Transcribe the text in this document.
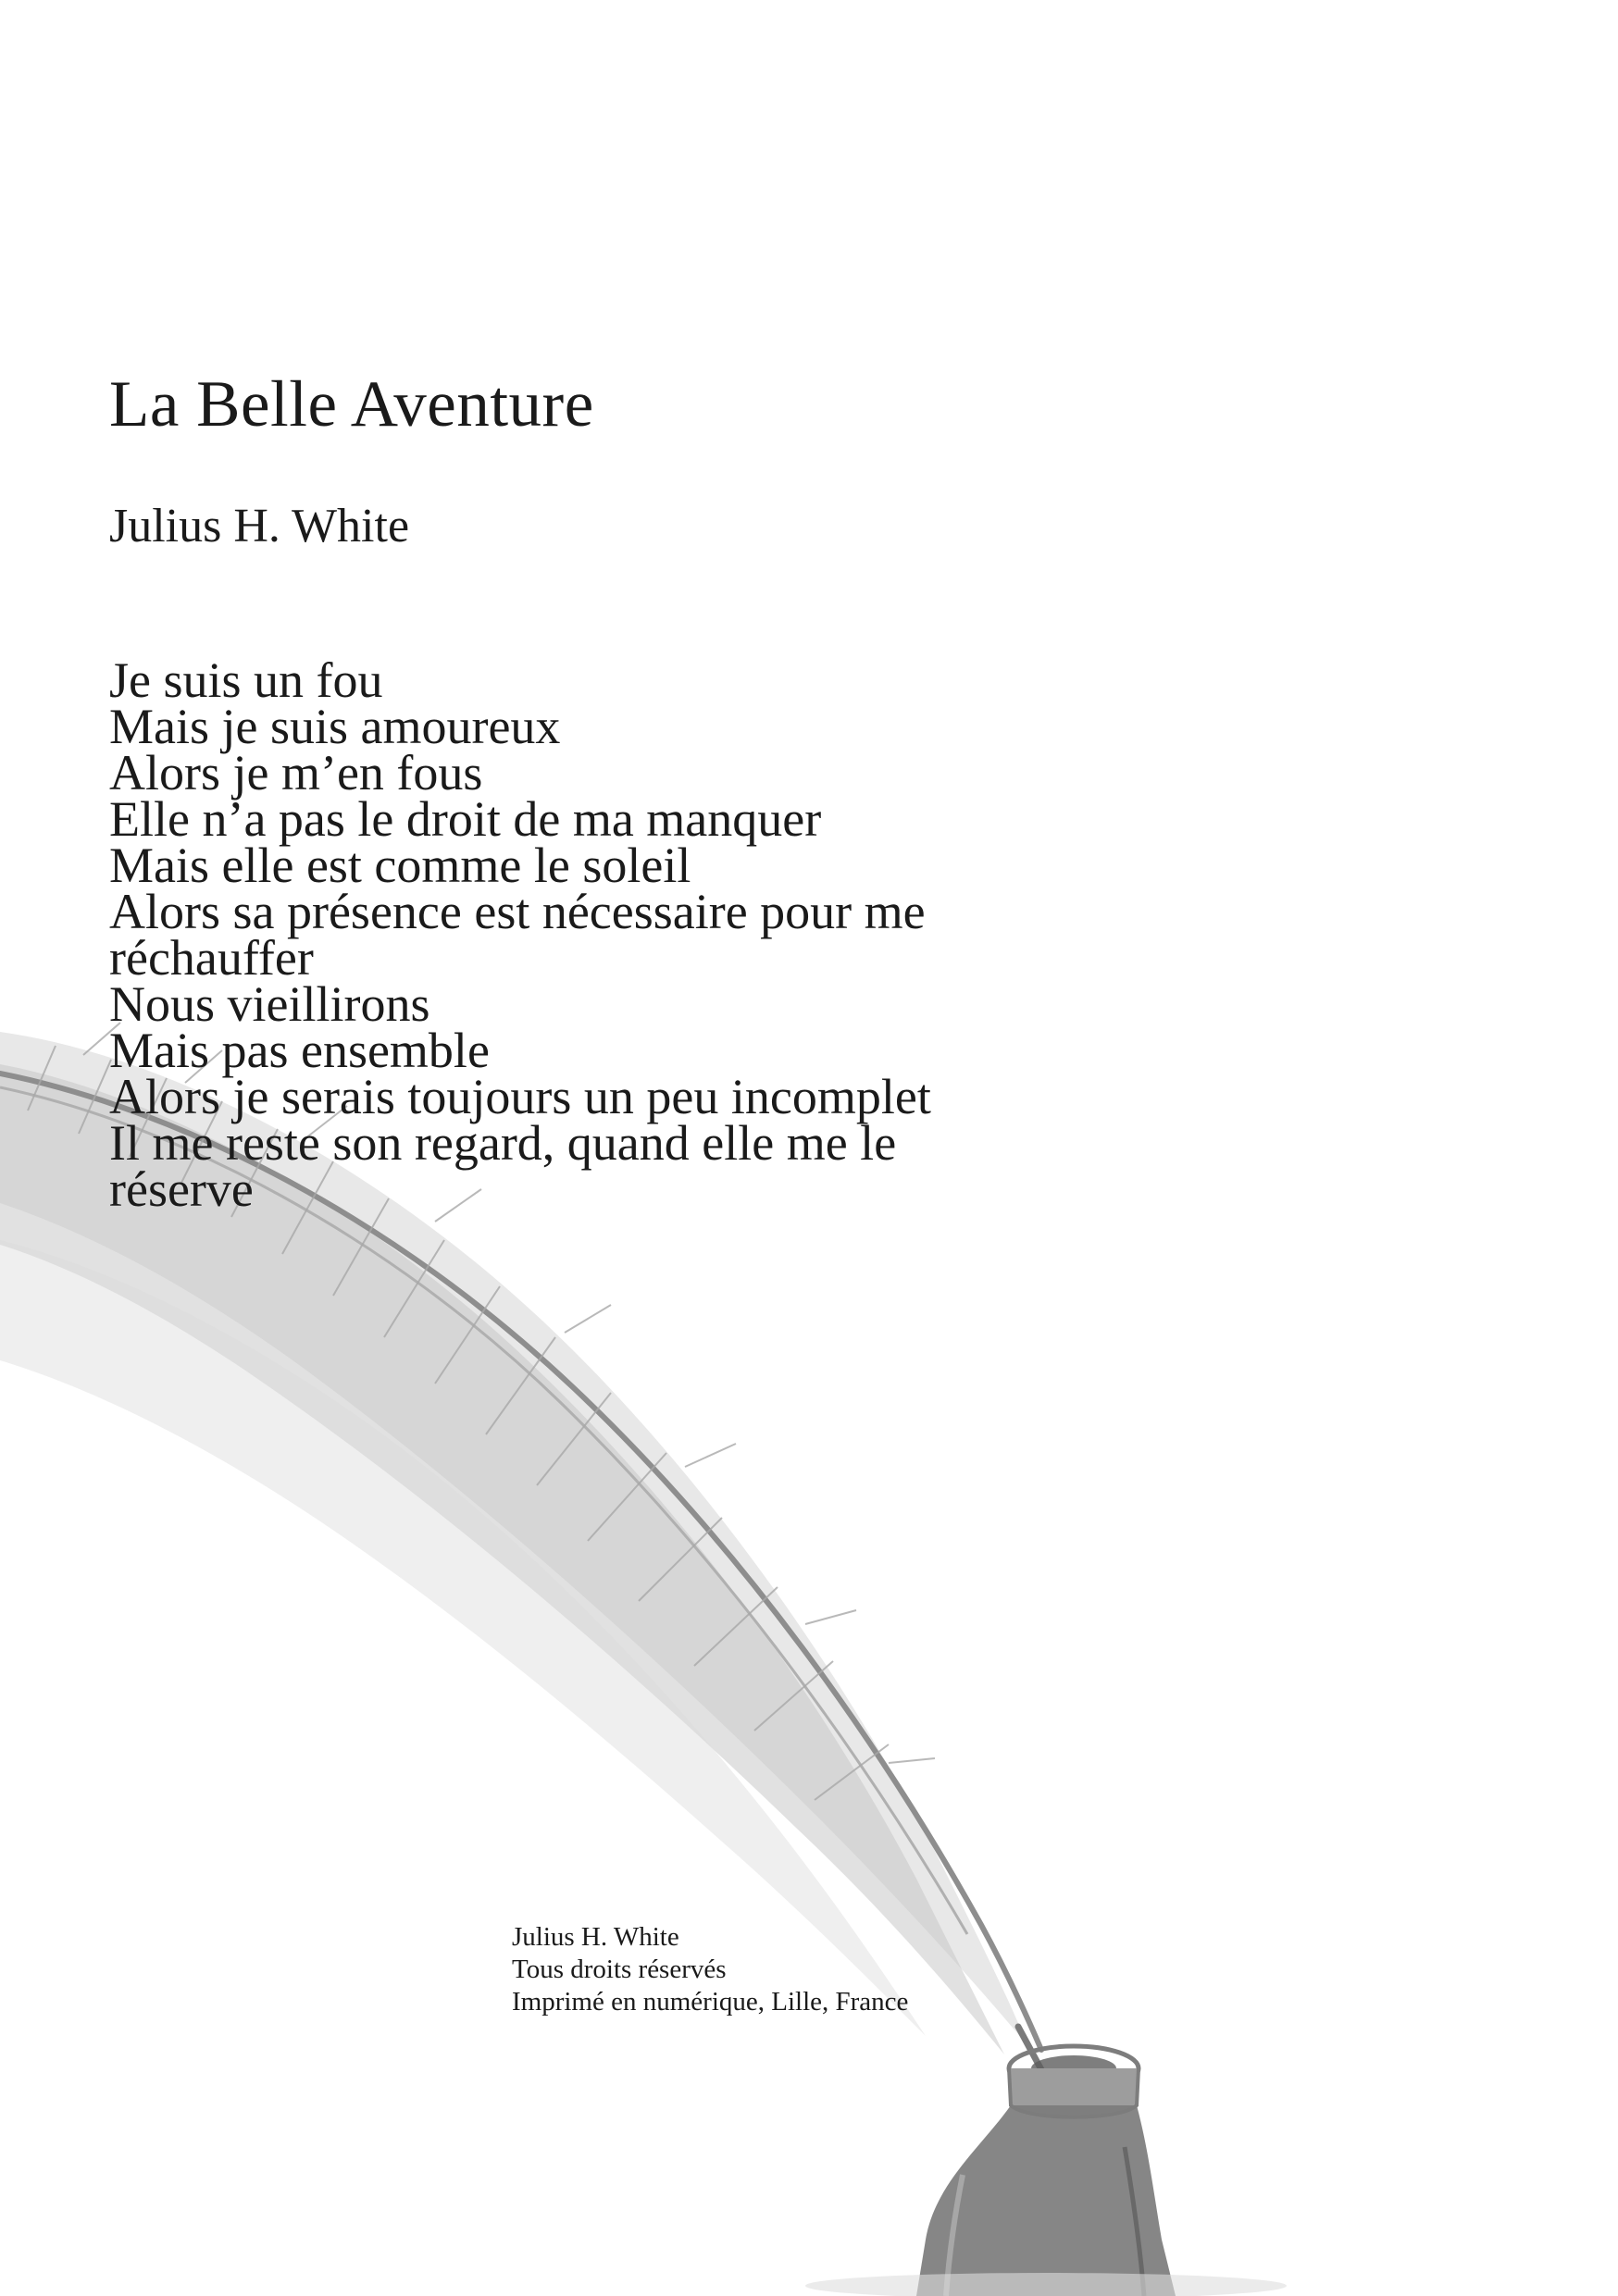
La Belle Aventure
Julius H. White
Je suis un fou
Mais je suis amoureux
Alors je m’en fous
Elle n’a pas le droit de ma manquer
Mais elle est comme le soleil
Alors sa présence est nécessaire pour me
réchauffer
Nous vieillirons
Mais pas ensemble
Alors je serais toujours un peu incomplet
Il me reste son regard, quand elle me le
réserve
Julius H. White
Tous droits réservés
Imprimé en numérique, Lille, France
